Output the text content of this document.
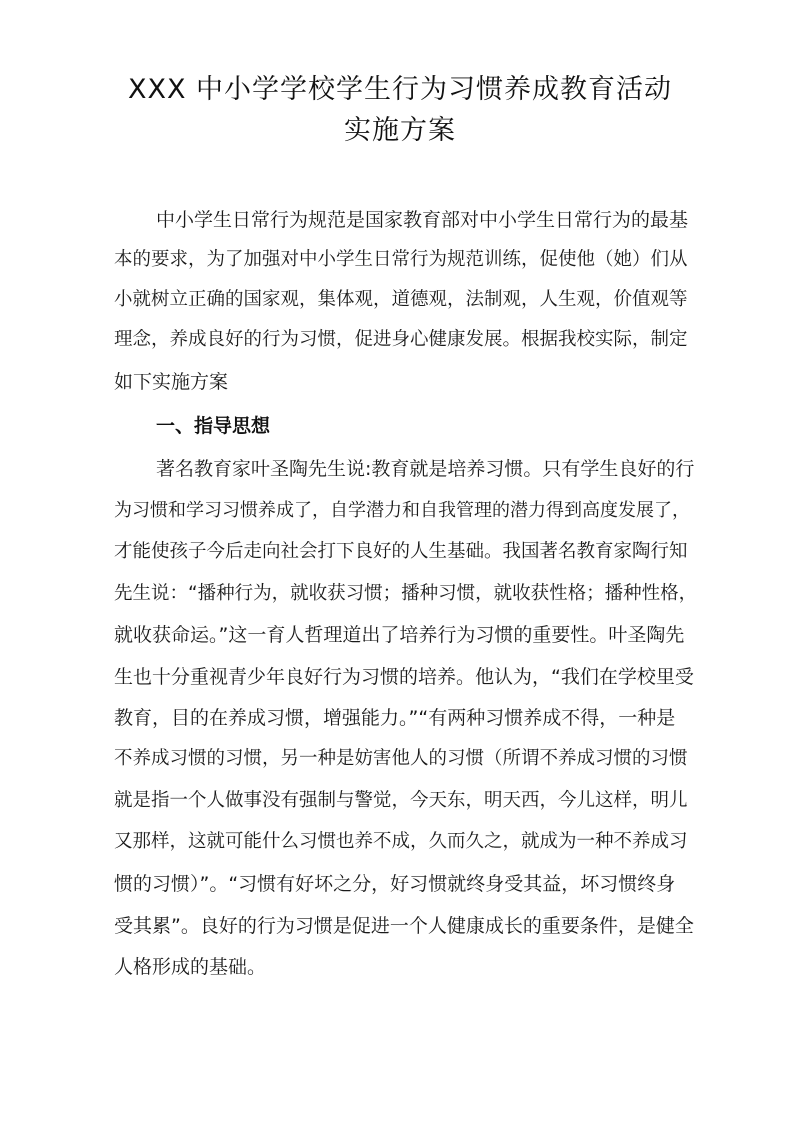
XXX 中小学学校学生行为习惯养成教育活动
实施方案
中小学生日常行为规范是国家教育部对中小学生日常行为的最基
本的要求，为了加强对中小学生日常行为规范训练，促使他（她）们从
小就树立正确的国家观，集体观，道德观，法制观，人生观，价值观等
理念，养成良好的行为习惯，促进身心健康发展。根据我校实际，制定
如下实施方案
一、指导思想
著名教育家叶圣陶先生说:教育就是培养习惯。只有学生良好的行
为习惯和学习习惯养成了，自学潜力和自我管理的潜力得到高度发展了，
才能使孩子今后走向社会打下良好的人生基础。我国著名教育家陶行知
先生说：“播种行为，就收获习惯；播种习惯，就收获性格；播种性格，
就收获命运。”这一育人哲理道出了培养行为习惯的重要性。叶圣陶先
生也十分重视青少年良好行为习惯的培养。他认为，“我们在学校里受
教育，目的在养成习惯，增强能力。”“有两种习惯养成不得，一种是
不养成习惯的习惯，另一种是妨害他人的习惯（所谓不养成习惯的习惯
就是指一个人做事没有强制与警觉，今天东，明天西，今儿这样，明儿
又那样，这就可能什么习惯也养不成，久而久之，就成为一种不养成习
惯的习惯）”。“习惯有好坏之分，好习惯就终身受其益，坏习惯终身
受其累”。良好的行为习惯是促进一个人健康成长的重要条件，是健全
人格形成的基础。
